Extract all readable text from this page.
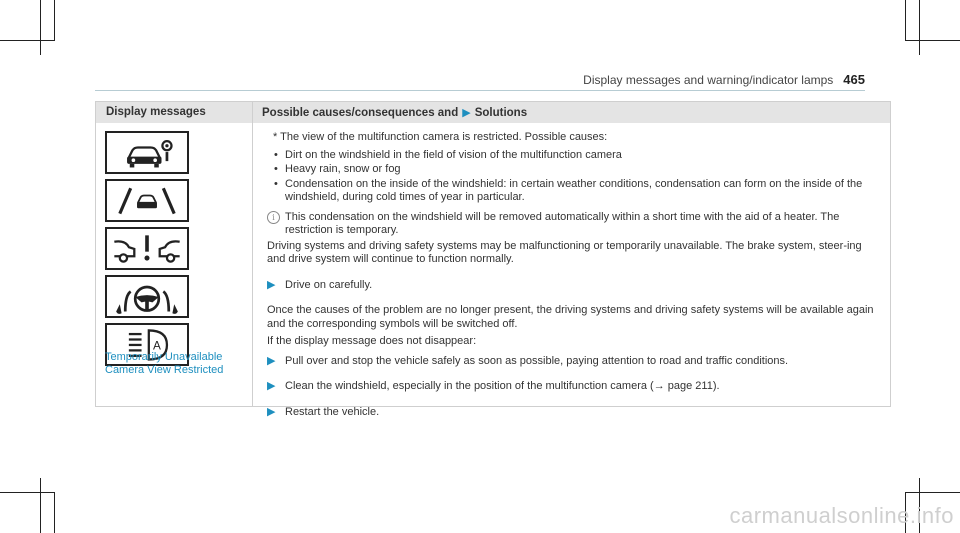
Display messages and warning/indicator lamps 465
Display messages	Possible causes/consequences and ▶ Solutions
A
Temporarily Unavailable
Camera View Restricted
* The view of the multifunction camera is restricted. Possible causes:
• Dirt on the windshield in the field of vision of the multifunction camera
• Heavy rain, snow or fog
• Condensation on the inside of the windshield: in certain weather conditions, condensation can form on the inside of the windshield, during cold times of year in particular.
i This condensation on the windshield will be removed automatically within a short time with the aid of a heater. The restriction is temporary.
Driving systems and driving safety systems may be malfunctioning or temporarily unavailable. The brake system, steer-ing and drive system will continue to function normally.
▶ Drive on carefully.
Once the causes of the problem are no longer present, the driving systems and driving safety systems will be available again and the corresponding symbols will be switched off.
If the display message does not disappear:
▶ Pull over and stop the vehicle safely as soon as possible, paying attention to road and traffic conditions.
▶ Clean the windshield, especially in the position of the multifunction camera (→ page 211).
▶ Restart the vehicle.
carmanualsonline.info
